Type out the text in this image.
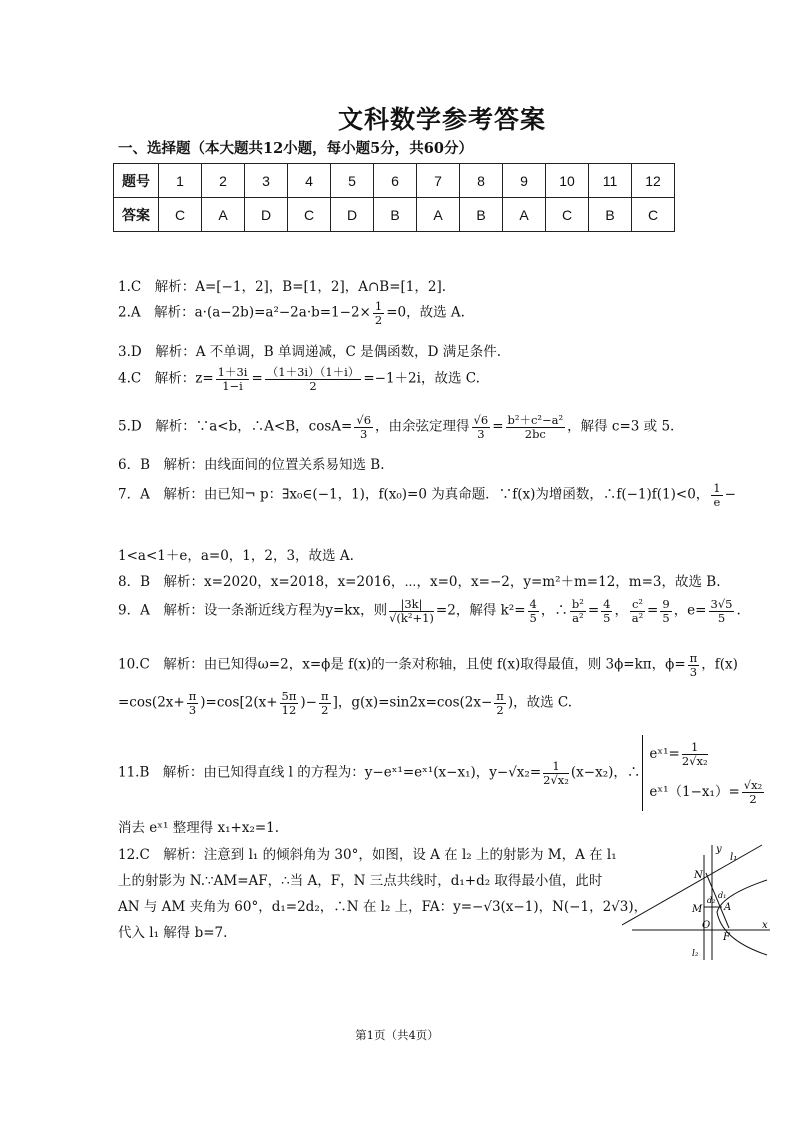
文科数学参考答案
一、选择题（本大题共12小题，每小题5分，共60分）
题号	1	2	3	4	5	6	7	8	9	10	11	12
答案	C	A	D	C	D	B	A	B	A	C	B	C
1.C　解析：A=[−1，2]，B=[1，2]，A∩B=[1，2].
2.A　解析：$a\cdot(a-2b)=a^2-2a\cdot b=1-2\times \frac{1}{2} =0$，故选 A.
3.D　解析：A 不单调，B 单调递减，C 是偶函数，D 满足条件.
4.C　解析：$z= \frac{1+3i}{1-i} = \frac{(1+3i)(1+i)}{2} =-1+2i$，故选 C.
5.D　解析：∵a<b，∴A<B，$\cos A= \frac{√6}{3}$ ，由余弦定理得 $\frac{√6}{3} = \frac{\text{b²＋c²−a²}}{2bc}$ ，解得 c=3 或 5.
6．B　解析：由线面间的位置关系易知选 B.
7．A　解析：由已知¬ p：∃x₀∈(−1，1)，f(x₀)=0 为真命题．∵f(x)为增函数，∴f(−1)f(1)<0， $\frac{1}{e}$ −
1<a<1＋e，a=0，1，2，3，故选 A.
8．B　解析：x=2020，x=2018，x=2016，⋯，x=0，x=−2，y=m²＋m=12，m=3，故选 B.
9．A　解析：设一条渐近线方程为y=kx，则 $\frac{|3k|}{\text{√(k²+1)}} =2$，解得 $k^2= \frac{4}{5}$ ，∴ $\frac{\text{b²}}{\text{a²}} = \frac{4}{5}$ ， $\frac{\text{c²}}{\text{a²}} = \frac{9}{5}$ ，$e= \frac{3√5}{5}$ .
10.C　解析：由已知得ω=2，x=ϕ是 f(x)的一条对称轴，且使 f(x)取得最值，则 3ϕ=kπ，$\phi= \frac{\pi}{3}$ ，f(x)
$=\cos(2x+ \frac{\pi}{3} )=\cos[2(x+ \frac{5\pi}{12}$ )− $\frac{\pi}{2}$ ]，$g(x)=\sin 2x=\cos(2x- \frac{\pi}{2}$ )，故选 C.
11.B　解析：由已知得直线 l 的方程为：y−eˣ¹=eˣ¹(x−x₁)，$y-√x_2= \frac{1}{\text{2√x₂}} (x-x_2)$，∴
eˣ¹= $\frac{1}{\text{2√x₂}}$
eˣ¹（1−x₁）= $\frac{\text{√x₂}}{2}$
消去 eˣ¹ 整理得 x₁+x₂=1.
12.C　解析：注意到 l₁ 的倾斜角为 30°，如图，设 A 在 l₂ 上的射影为 M，A 在 l₁
上的射影为 N.∵AM=AF，∴当 A，F，N 三点共线时，d₁+d₂ 取得最小值，此时
AN 与 AM 夹角为 60°，d₁=2d₂，∴N 在 l₂ 上，FA：y=−√3(x−1)，N(−1，2√3)，
代入 l₁ 解得 b=7.
y
l₁
N
d₂
M
d₁
A
O
F
x
l₂
第1页（共4页）
